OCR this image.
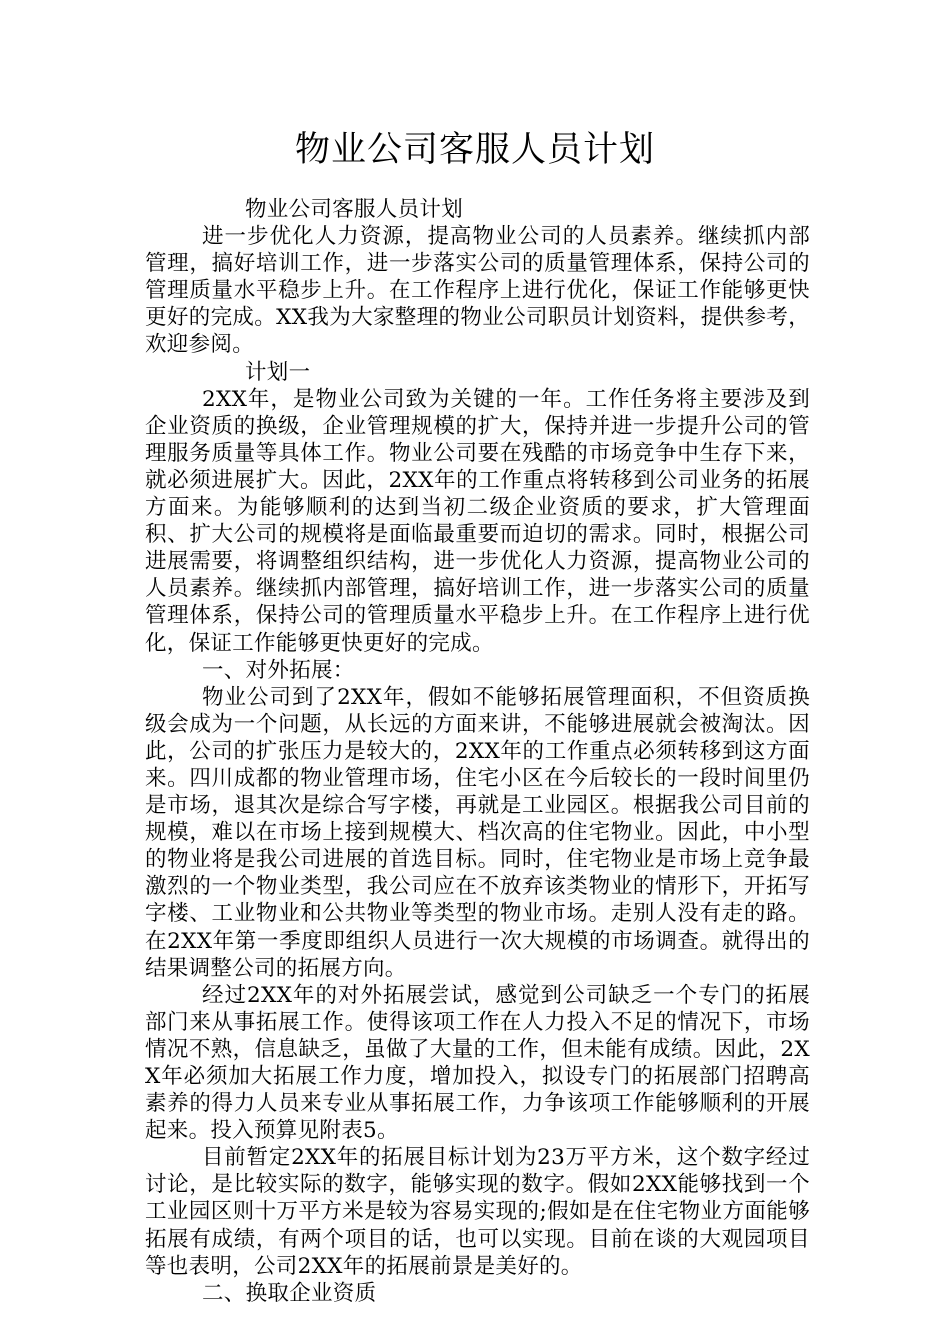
物业公司客服人员计划

物业公司客服人员计划

进一步优化人力资源，提高物业公司的人员素养。继续抓内部管理，搞好培训工作，进一步落实公司的质量管理体系，保持公司的管理质量水平稳步上升。在工作程序上进行优化，保证工作能够更快更好的完成。XX我为大家整理的物业公司职员计划资料，提供参考，欢迎参阅。

计划一

2XX年，是物业公司致为关键的一年。工作任务将主要涉及到企业资质的换级，企业管理规模的扩大，保持并进一步提升公司的管理服务质量等具体工作。物业公司要在残酷的市场竞争中生存下来，就必须进展扩大。因此，2XX年的工作重点将转移到公司业务的拓展方面来。为能够顺利的达到当初二级企业资质的要求，扩大管理面积、扩大公司的规模将是面临最重要而迫切的需求。同时，根据公司进展需要，将调整组织结构，进一步优化人力资源，提高物业公司的人员素养。继续抓内部管理，搞好培训工作，进一步落实公司的质量管理体系，保持公司的管理质量水平稳步上升。在工作程序上进行优化，保证工作能够更快更好的完成。

一、对外拓展：

物业公司到了2XX年，假如不能够拓展管理面积，不但资质换级会成为一个问题，从长远的方面来讲，不能够进展就会被淘汰。因此，公司的扩张压力是较大的，2XX年的工作重点必须转移到这方面来。四川成都的物业管理市场，住宅小区在今后较长的一段时间里仍是市场，退其次是综合写字楼，再就是工业园区。根据我公司目前的规模，难以在市场上接到规模大、档次高的住宅物业。因此，中小型的物业将是我公司进展的首选目标。同时，住宅物业是市场上竞争最激烈的一个物业类型，我公司应在不放弃该类物业的情形下，开拓写字楼、工业物业和公共物业等类型的物业市场。走别人没有走的路。在2XX年第一季度即组织人员进行一次大规模的市场调查。就得出的结果调整公司的拓展方向。

经过2XX年的对外拓展尝试，感觉到公司缺乏一个专门的拓展部门来从事拓展工作。使得该项工作在人力投入不足的情况下，市场情况不熟，信息缺乏，虽做了大量的工作，但未能有成绩。因此，2XX年必须加大拓展工作力度，增加投入，拟设专门的拓展部门招聘高素养的得力人员来专业从事拓展工作，力争该项工作能够顺利的开展起来。投入预算见附表5。

目前暂定2XX年的拓展目标计划为23万平方米，这个数字经过讨论，是比较实际的数字，能够实现的数字。假如2XX能够找到一个工业园区则十万平方米是较为容易实现的;假如是在住宅物业方面能够拓展有成绩，有两个项目的话，也可以实现。目前在谈的大观园项目等也表明，公司2XX年的拓展前景是美好的。

二、换取企业资质
